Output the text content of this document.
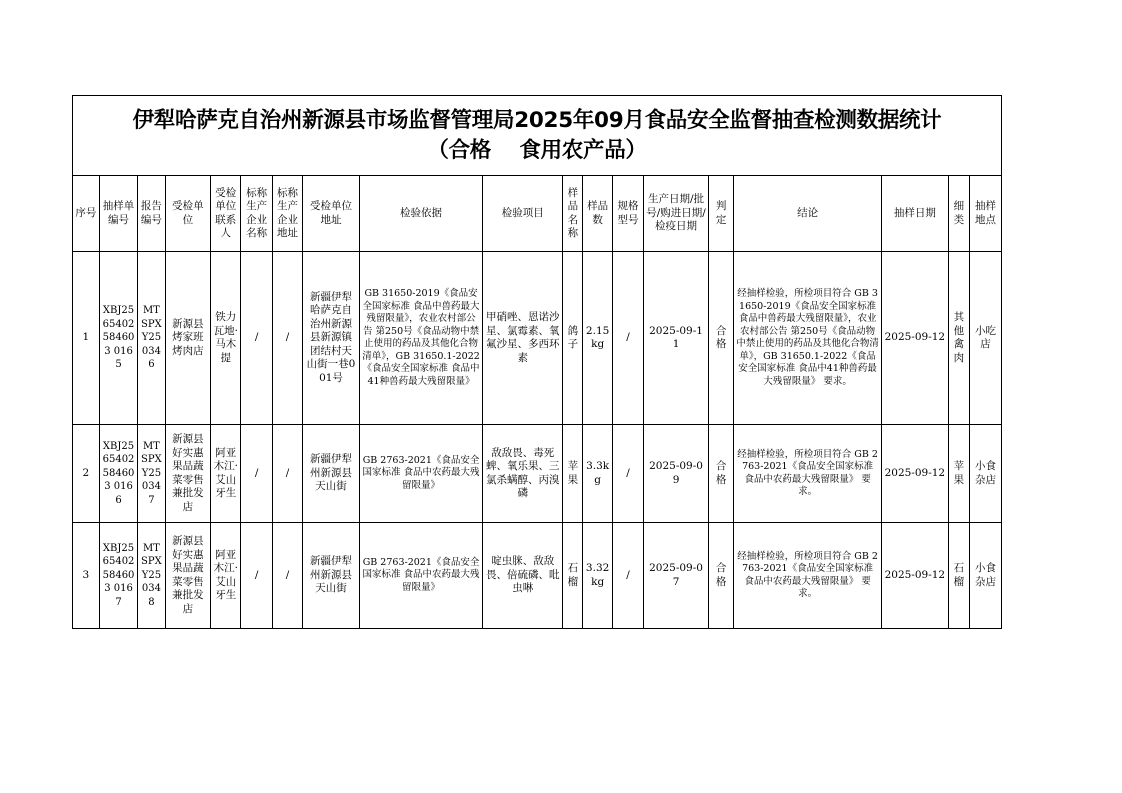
伊犁哈萨克自治州新源县市场监督管理局2025年09月食品安全监督抽查检测数据统计
（合格　 食用农产品）
序号	抽样单编号	报告编号	受检单位	受检单位联系人	标称生产企业名称	标称生产企业地址	受检单位地址	检验依据	检验项目	样品名称	样品数	规格型号	生产日期/批号/购进日期/检疫日期	判定	结论	抽样日期	细类	抽样地点
1	XBJ2565402584603 0165	MTSPXY250346	新源县烤家班烤肉店	铁力瓦地·马木提	/	/	新疆伊犁哈萨克自治州新源县新源镇团结村天山街一巷001号	GB 31650-2019《食品安全国家标准 食品中兽药最大残留限量》，农业农村部公告 第250号《食品动物中禁止使用的药品及其他化合物清单》，GB 31650.1-2022《食品安全国家标准 食品中41种兽药最大残留限量》	甲硝唑、恩诺沙星、氯霉素、氧氟沙星、多西环素	鸽子	2.15kg	/	2025-09-11	合格	经抽样检验，所检项目符合 GB 31650-2019《食品安全国家标准 食品中兽药最大残留限量》，农业农村部公告 第250号《食品动物中禁止使用的药品及其他化合物清单》，GB 31650.1-2022《食品安全国家标准 食品中41种兽药最大残留限量》 要求。	2025-09-12	其他禽肉	小吃店
2	XBJ2565402584603 0166	MTSPXY250347	新源县好实惠果品蔬菜零售兼批发店	阿亚木江·艾山牙生	/	/	新疆伊犁州新源县天山街	GB 2763-2021《食品安全国家标准 食品中农药最大残留限量》	敌敌畏、毒死蜱、氧乐果、三氯杀螨醇、丙溴磷	苹果	3.3kg	/	2025-09-09	合格	经抽样检验，所检项目符合 GB 2763-2021《食品安全国家标准 食品中农药最大残留限量》 要求。	2025-09-12	苹果	小食杂店
3	XBJ2565402584603 0167	MTSPXY250348	新源县好实惠果品蔬菜零售兼批发店	阿亚木江·艾山牙生	/	/	新疆伊犁州新源县天山街	GB 2763-2021《食品安全国家标准 食品中农药最大残留限量》	啶虫脒、敌敌畏、倍硫磷、吡虫啉	石榴	3.32kg	/	2025-09-07	合格	经抽样检验，所检项目符合 GB 2763-2021《食品安全国家标准 食品中农药最大残留限量》 要求。	2025-09-12	石榴	小食杂店
